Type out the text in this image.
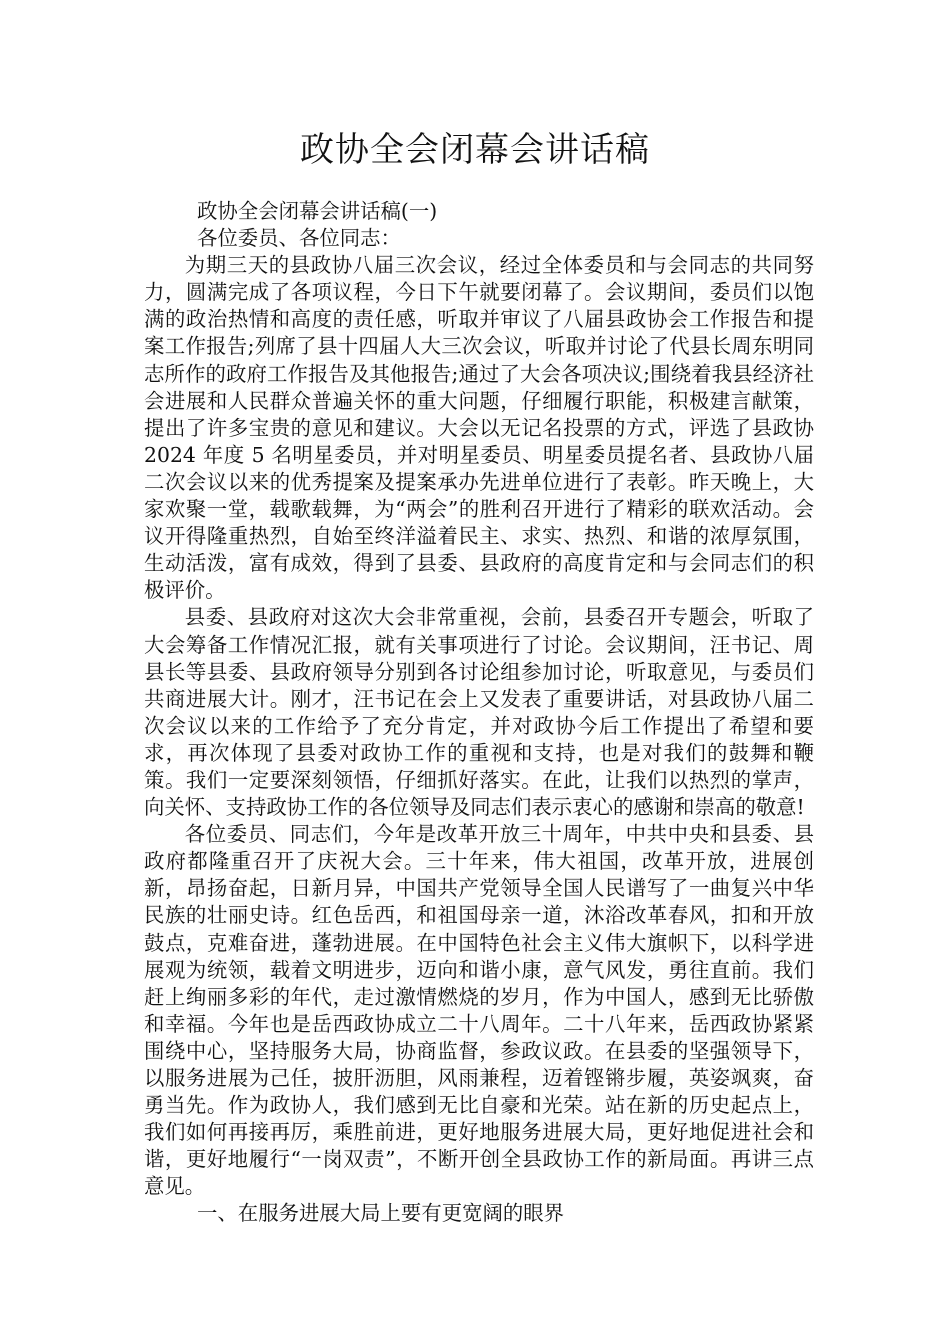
政协全会闭幕会讲话稿

政协全会闭幕会讲话稿(一)

各位委员、各位同志：

为期三天的县政协八届三次会议，经过全体委员和与会同志的共同努力，圆满完成了各项议程，今日下午就要闭幕了。会议期间，委员们以饱满的政治热情和高度的责任感，听取并审议了八届县政协会工作报告和提案工作报告;列席了县十四届人大三次会议，听取并讨论了代县长周东明同志所作的政府工作报告及其他报告;通过了大会各项决议;围绕着我县经济社会进展和人民群众普遍关怀的重大问题，仔细履行职能，积极建言献策，提出了许多宝贵的意见和建议。大会以无记名投票的方式，评选了县政协 2024 年度 5 名明星委员，并对明星委员、明星委员提名者、县政协八届二次会议以来的优秀提案及提案承办先进单位进行了表彰。昨天晚上，大家欢聚一堂，载歌载舞，为“两会”的胜利召开进行了精彩的联欢活动。会议开得隆重热烈，自始至终洋溢着民主、求实、热烈、和谐的浓厚氛围，生动活泼，富有成效，得到了县委、县政府的高度肯定和与会同志们的积极评价。

县委、县政府对这次大会非常重视，会前，县委召开专题会，听取了大会筹备工作情况汇报，就有关事项进行了讨论。会议期间，汪书记、周县长等县委、县政府领导分别到各讨论组参加讨论，听取意见，与委员们共商进展大计。刚才，汪书记在会上又发表了重要讲话，对县政协八届二次会议以来的工作给予了充分肯定，并对政协今后工作提出了希望和要求，再次体现了县委对政协工作的重视和支持，也是对我们的鼓舞和鞭策。我们一定要深刻领悟，仔细抓好落实。在此，让我们以热烈的掌声，向关怀、支持政协工作的各位领导及同志们表示衷心的感谢和崇高的敬意!

各位委员、同志们，今年是改革开放三十周年，中共中央和县委、县政府都隆重召开了庆祝大会。三十年来，伟大祖国，改革开放，进展创新，昂扬奋起，日新月异，中国共产党领导全国人民谱写了一曲复兴中华民族的壮丽史诗。红色岳西，和祖国母亲一道，沐浴改革春风，扣和开放鼓点，克难奋进，蓬勃进展。在中国特色社会主义伟大旗帜下，以科学进展观为统领，载着文明进步，迈向和谐小康，意气风发，勇往直前。我们赶上绚丽多彩的年代，走过激情燃烧的岁月，作为中国人，感到无比骄傲和幸福。今年也是岳西政协成立二十八周年。二十八年来，岳西政协紧紧围绕中心，坚持服务大局，协商监督，参政议政。在县委的坚强领导下，以服务进展为己任，披肝沥胆，风雨兼程，迈着铿锵步履，英姿飒爽，奋勇当先。作为政协人，我们感到无比自豪和光荣。站在新的历史起点上，我们如何再接再厉，乘胜前进，更好地服务进展大局，更好地促进社会和谐，更好地履行“一岗双责”，不断开创全县政协工作的新局面。再讲三点意见。

一、在服务进展大局上要有更宽阔的眼界
